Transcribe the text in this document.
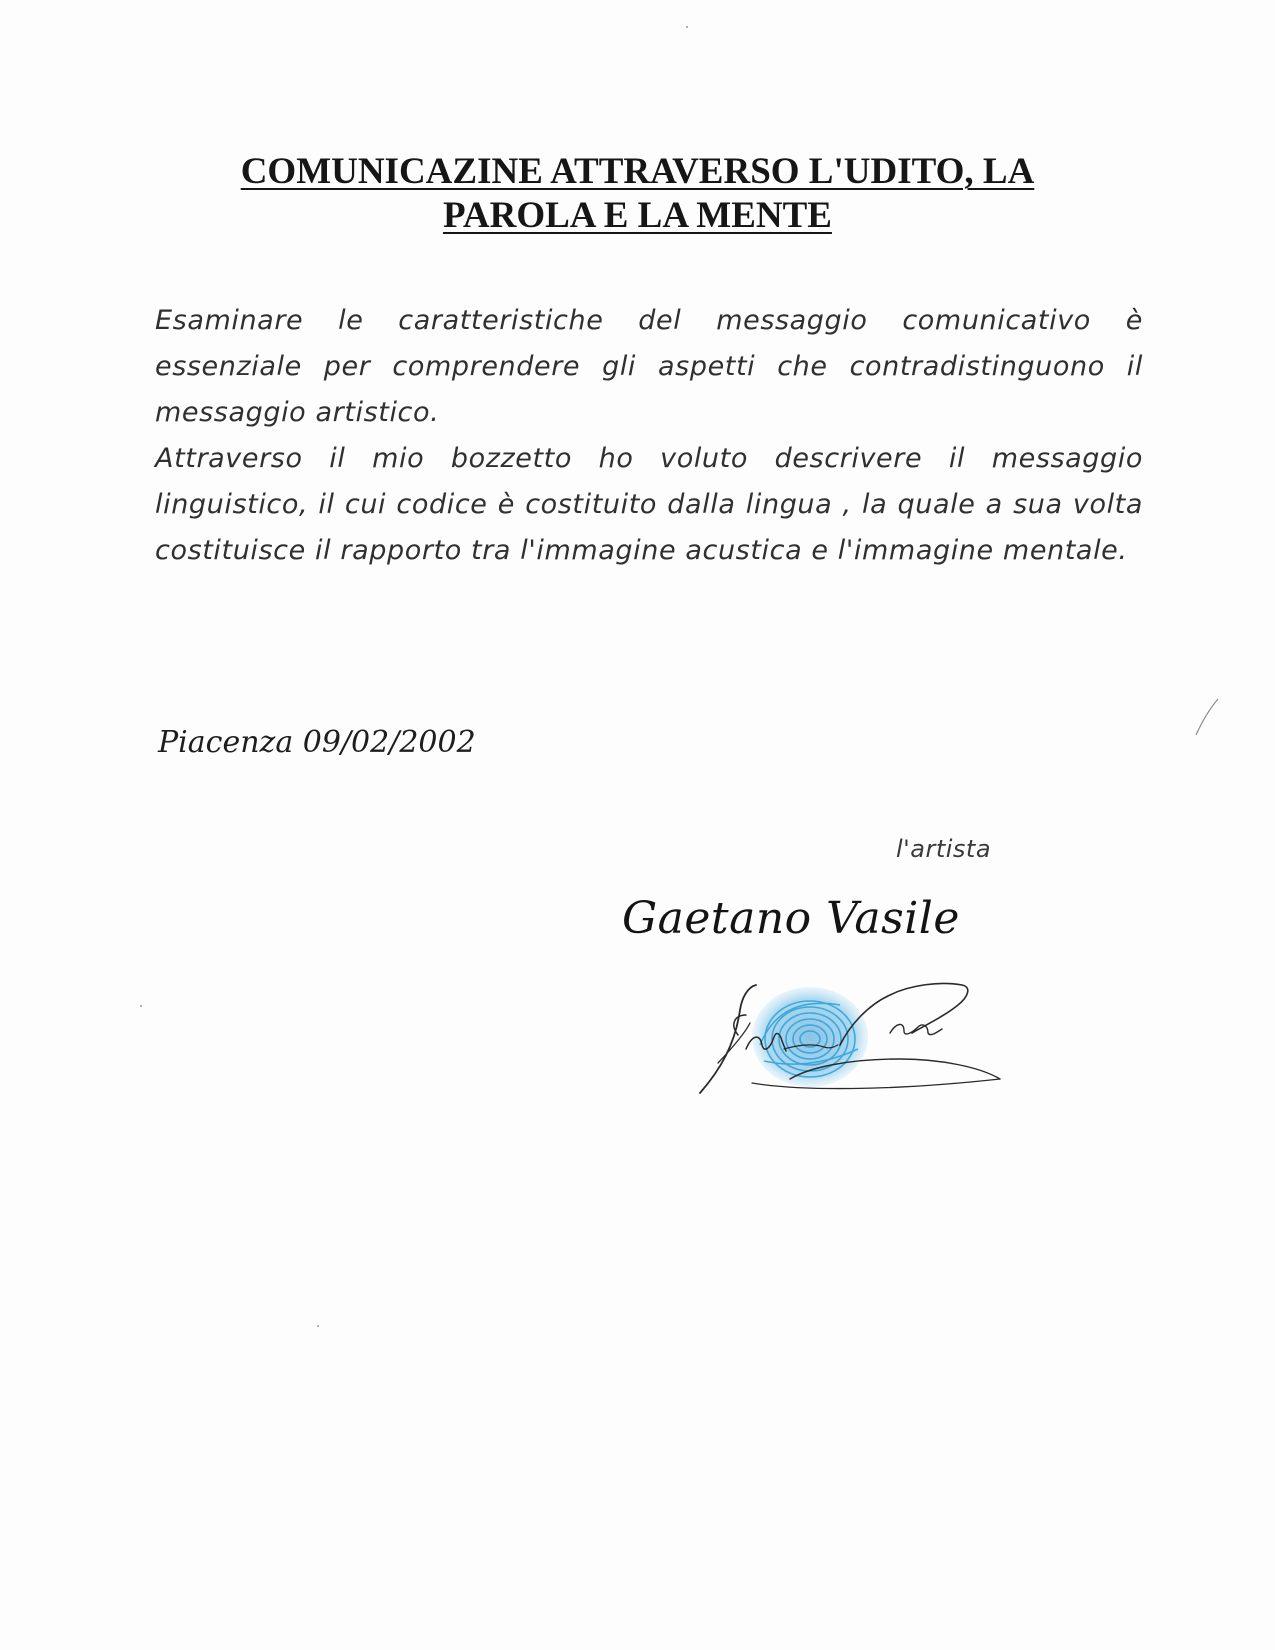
COMUNICAZINE ATTRAVERSO L'UDITO, LA
PAROLA E LA MENTE

Esaminare le caratteristiche del messaggio comunicativo è essenziale per comprendere gli aspetti che contradistinguono il messaggio artistico.

Attraverso il mio bozzetto ho voluto descrivere il messaggio linguistico, il cui codice è costituito dalla lingua , la quale a sua volta costituisce il rapporto tra l'immagine acustica e l'immagine mentale.

Piacenza 09/02/2002
l'artista
Gaetano Vasile
